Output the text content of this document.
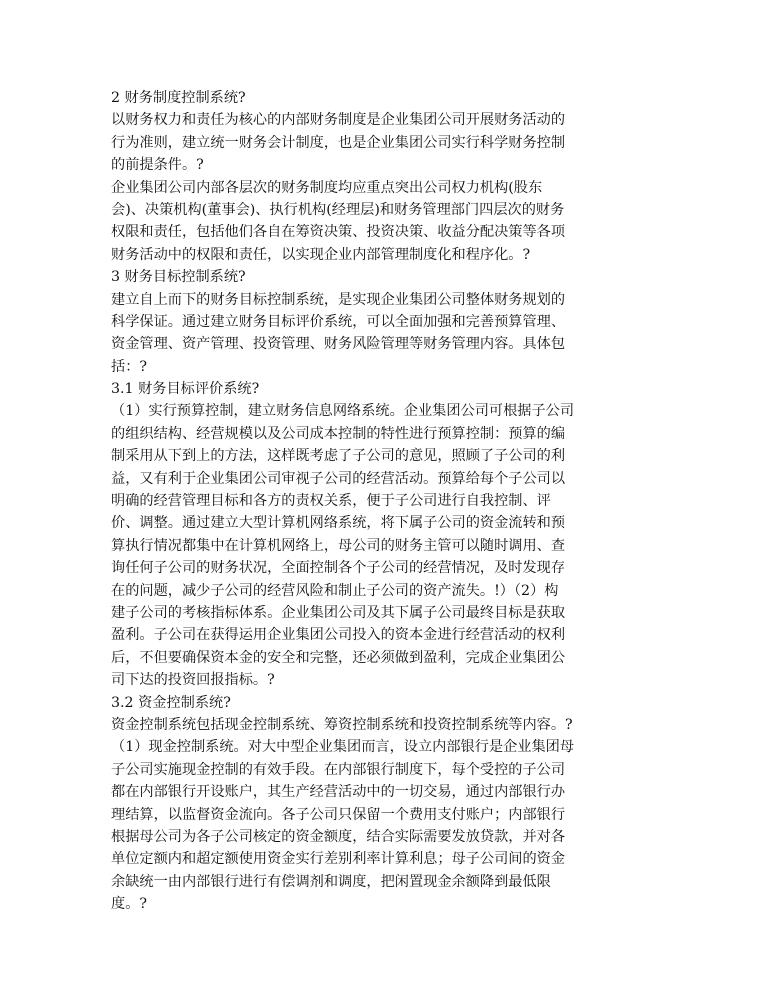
2 财务制度控制系统?
以财务权力和责任为核心的内部财务制度是企业集团公司开展财务活动的
行为准则，建立统一财务会计制度，也是企业集团公司实行科学财务控制
的前提条件。?
企业集团公司内部各层次的财务制度均应重点突出公司权力机构(股东
会)、决策机构(董事会)、执行机构(经理层)和财务管理部门四层次的财务
权限和责任，包括他们各自在筹资决策、投资决策、收益分配决策等各项
财务活动中的权限和责任，以实现企业内部管理制度化和程序化。?
3 财务目标控制系统?
建立自上而下的财务目标控制系统，是实现企业集团公司整体财务规划的
科学保证。通过建立财务目标评价系统，可以全面加强和完善预算管理、
资金管理、资产管理、投资管理、财务风险管理等财务管理内容。具体包
括：?
3.1 财务目标评价系统?
（1）实行预算控制，建立财务信息网络系统。企业集团公司可根据子公司
的组织结构、经营规模以及公司成本控制的特性进行预算控制：预算的编
制采用从下到上的方法，这样既考虑了子公司的意见，照顾了子公司的利
益，又有利于企业集团公司审视子公司的经营活动。预算给每个子公司以
明确的经营管理目标和各方的责权关系，便于子公司进行自我控制、评
价、调整。通过建立大型计算机网络系统，将下属子公司的资金流转和预
算执行情况都集中在计算机网络上，母公司的财务主管可以随时调用、查
询任何子公司的财务状况，全面控制各个子公司的经营情况，及时发现存
在的问题，减少子公司的经营风险和制止子公司的资产流失。!）（2）构
建子公司的考核指标体系。企业集团公司及其下属子公司最终目标是获取
盈利。子公司在获得运用企业集团公司投入的资本金进行经营活动的权利
后，不但要确保资本金的安全和完整，还必须做到盈利，完成企业集团公
司下达的投资回报指标。?
3.2 资金控制系统?
资金控制系统包括现金控制系统、筹资控制系统和投资控制系统等内容。?
（1）现金控制系统。对大中型企业集团而言，设立内部银行是企业集团母
子公司实施现金控制的有效手段。在内部银行制度下，每个受控的子公司
都在内部银行开设账户，其生产经营活动中的一切交易，通过内部银行办
理结算，以监督资金流向。各子公司只保留一个费用支付账户；内部银行
根据母公司为各子公司核定的资金额度，结合实际需要发放贷款，并对各
单位定额内和超定额使用资金实行差别利率计算利息；母子公司间的资金
余缺统一由内部银行进行有偿调剂和调度，把闲置现金余额降到最低限
度。?
